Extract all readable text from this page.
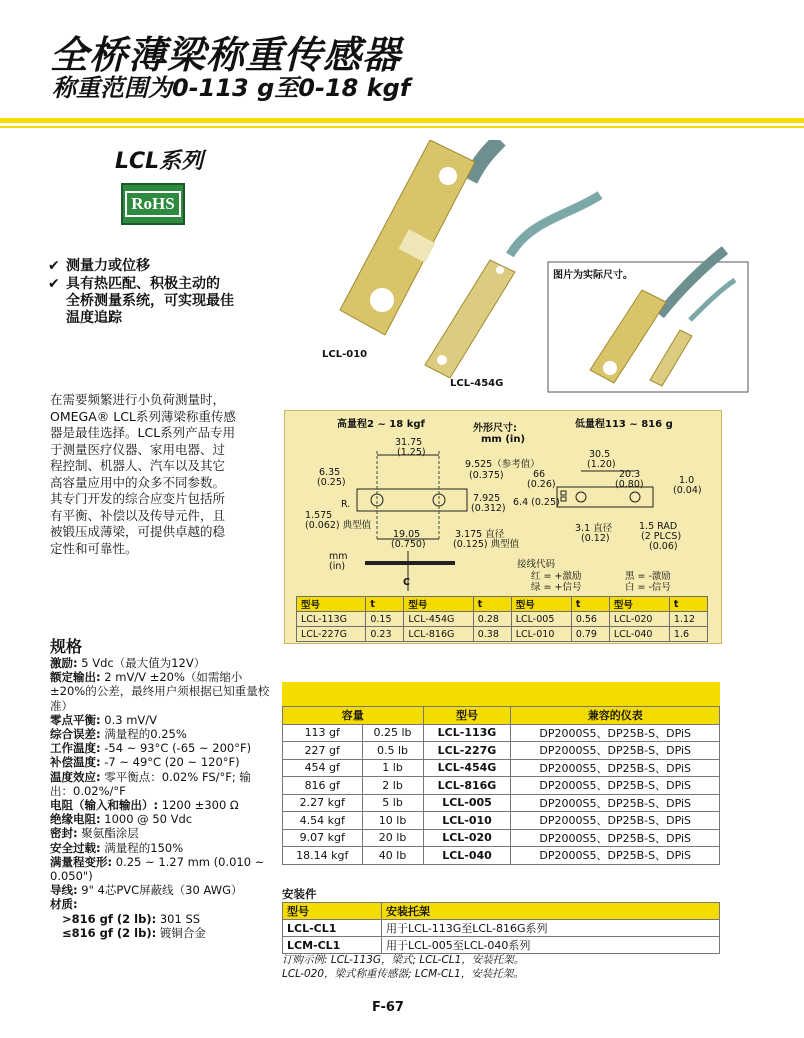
全桥薄梁称重传感器
称重范围为0-113 g至0-18 kgf
LCL系列
RoHS
✔ 测量力或位移
✔ 具有热匹配、积极主动的
全桥测量系统，可实现最佳
温度追踪
图片为实际尺寸。
LCL-010
LCL-454G
在需要频繁进行小负荷测量时，
OMEGA® LCL系列薄梁称重传感
器是最佳选择。LCL系列产品专用
于测量医疗仪器、家用电器、过
程控制、机器人、汽车以及其它
高容量应用中的众多不同参数。
其专门开发的综合应变片包括所
有平衡、补偿以及传导元件，且
被锻压成薄梁，可提供卓越的稳
定性和可靠性。
高量程2 ~ 18 kgf	外形尺寸:
mm (in)
低量程113 ~ 816 g
31.75
(1.25)
9.525（参考值）
(0.375)
6.35
(0.25)
7.925
(0.312)
R.
1.575
(0.062) 典型值
19.05
(0.750)
3.175 直径
(0.125) 典型值
30.5
(1.20)
66
(0.26)
20.3
(0.80)	1.0
(0.04)
6.4 (0.25)
3.1 直径
(0.12)
1.5 RAD
(2 PLCS)
(0.06)
mm
(in)
C
接线代码
红 = +激励
绿 = +信号
黑 = -激励
白 = -信号
型号	t	型号	t	型号	t	型号	t
LCL-113G	0.15	LCL-454G	0.28	LCL-005	0.56	LCL-020	1.12
LCL-227G	0.23	LCL-816G	0.38	LCL-010	0.79	LCL-040	1.6
规格
激励: 5 Vdc（最大值为12V）
额定输出: 2 mV/V ±20%（如需缩小±20%的公差，最终用户须根据已知重量校准）
零点平衡: 0.3 mV/V
综合误差: 满量程的0.25%
工作温度: -54 ~ 93°C (-65 ~ 200°F)
补偿温度: -7 ~ 49°C (20 ~ 120°F)
温度效应: 零平衡点：0.02% FS/°F; 输出：0.02%/°F
电阻（输入和输出）: 1200 ±300 Ω
绝缘电阻: 1000 @ 50 Vdc
密封: 聚氨酯涂层
安全过载: 满量程的150%
满量程变形: 0.25 ~ 1.27 mm (0.010 ~ 0.050")
导线: 9" 4芯PVC屏蔽线（30 AWG）
材质:
>816 gf (2 lb): 301 SS
≤816 gf (2 lb): 镀铜合金
容量		型号	兼容的仪表
113 gf	0.25 lb	LCL-113G	DP2000S5、DP25B-S、DPiS
227 gf	0.5 lb	LCL-227G	DP2000S5、DP25B-S、DPiS
454 gf	1 lb	LCL-454G	DP2000S5、DP25B-S、DPiS
816 gf	2 lb	LCL-816G	DP2000S5、DP25B-S、DPiS
2.27 kgf	5 lb	LCL-005	DP2000S5、DP25B-S、DPiS
4.54 kgf	10 lb	LCL-010	DP2000S5、DP25B-S、DPiS
9.07 kgf	20 lb	LCL-020	DP2000S5、DP25B-S、DPiS
18.14 kgf	40 lb	LCL-040	DP2000S5、DP25B-S、DPiS
安装件
型号	安装托架
LCL-CL1	用于LCL-113G至LCL-816G系列
LCM-CL1	用于LCL-005至LCL-040系列
订购示例: LCL-113G，梁式; LCL-CL1，安装托架。
LCL-020，梁式称重传感器; LCM-CL1，安装托架。
F-67
